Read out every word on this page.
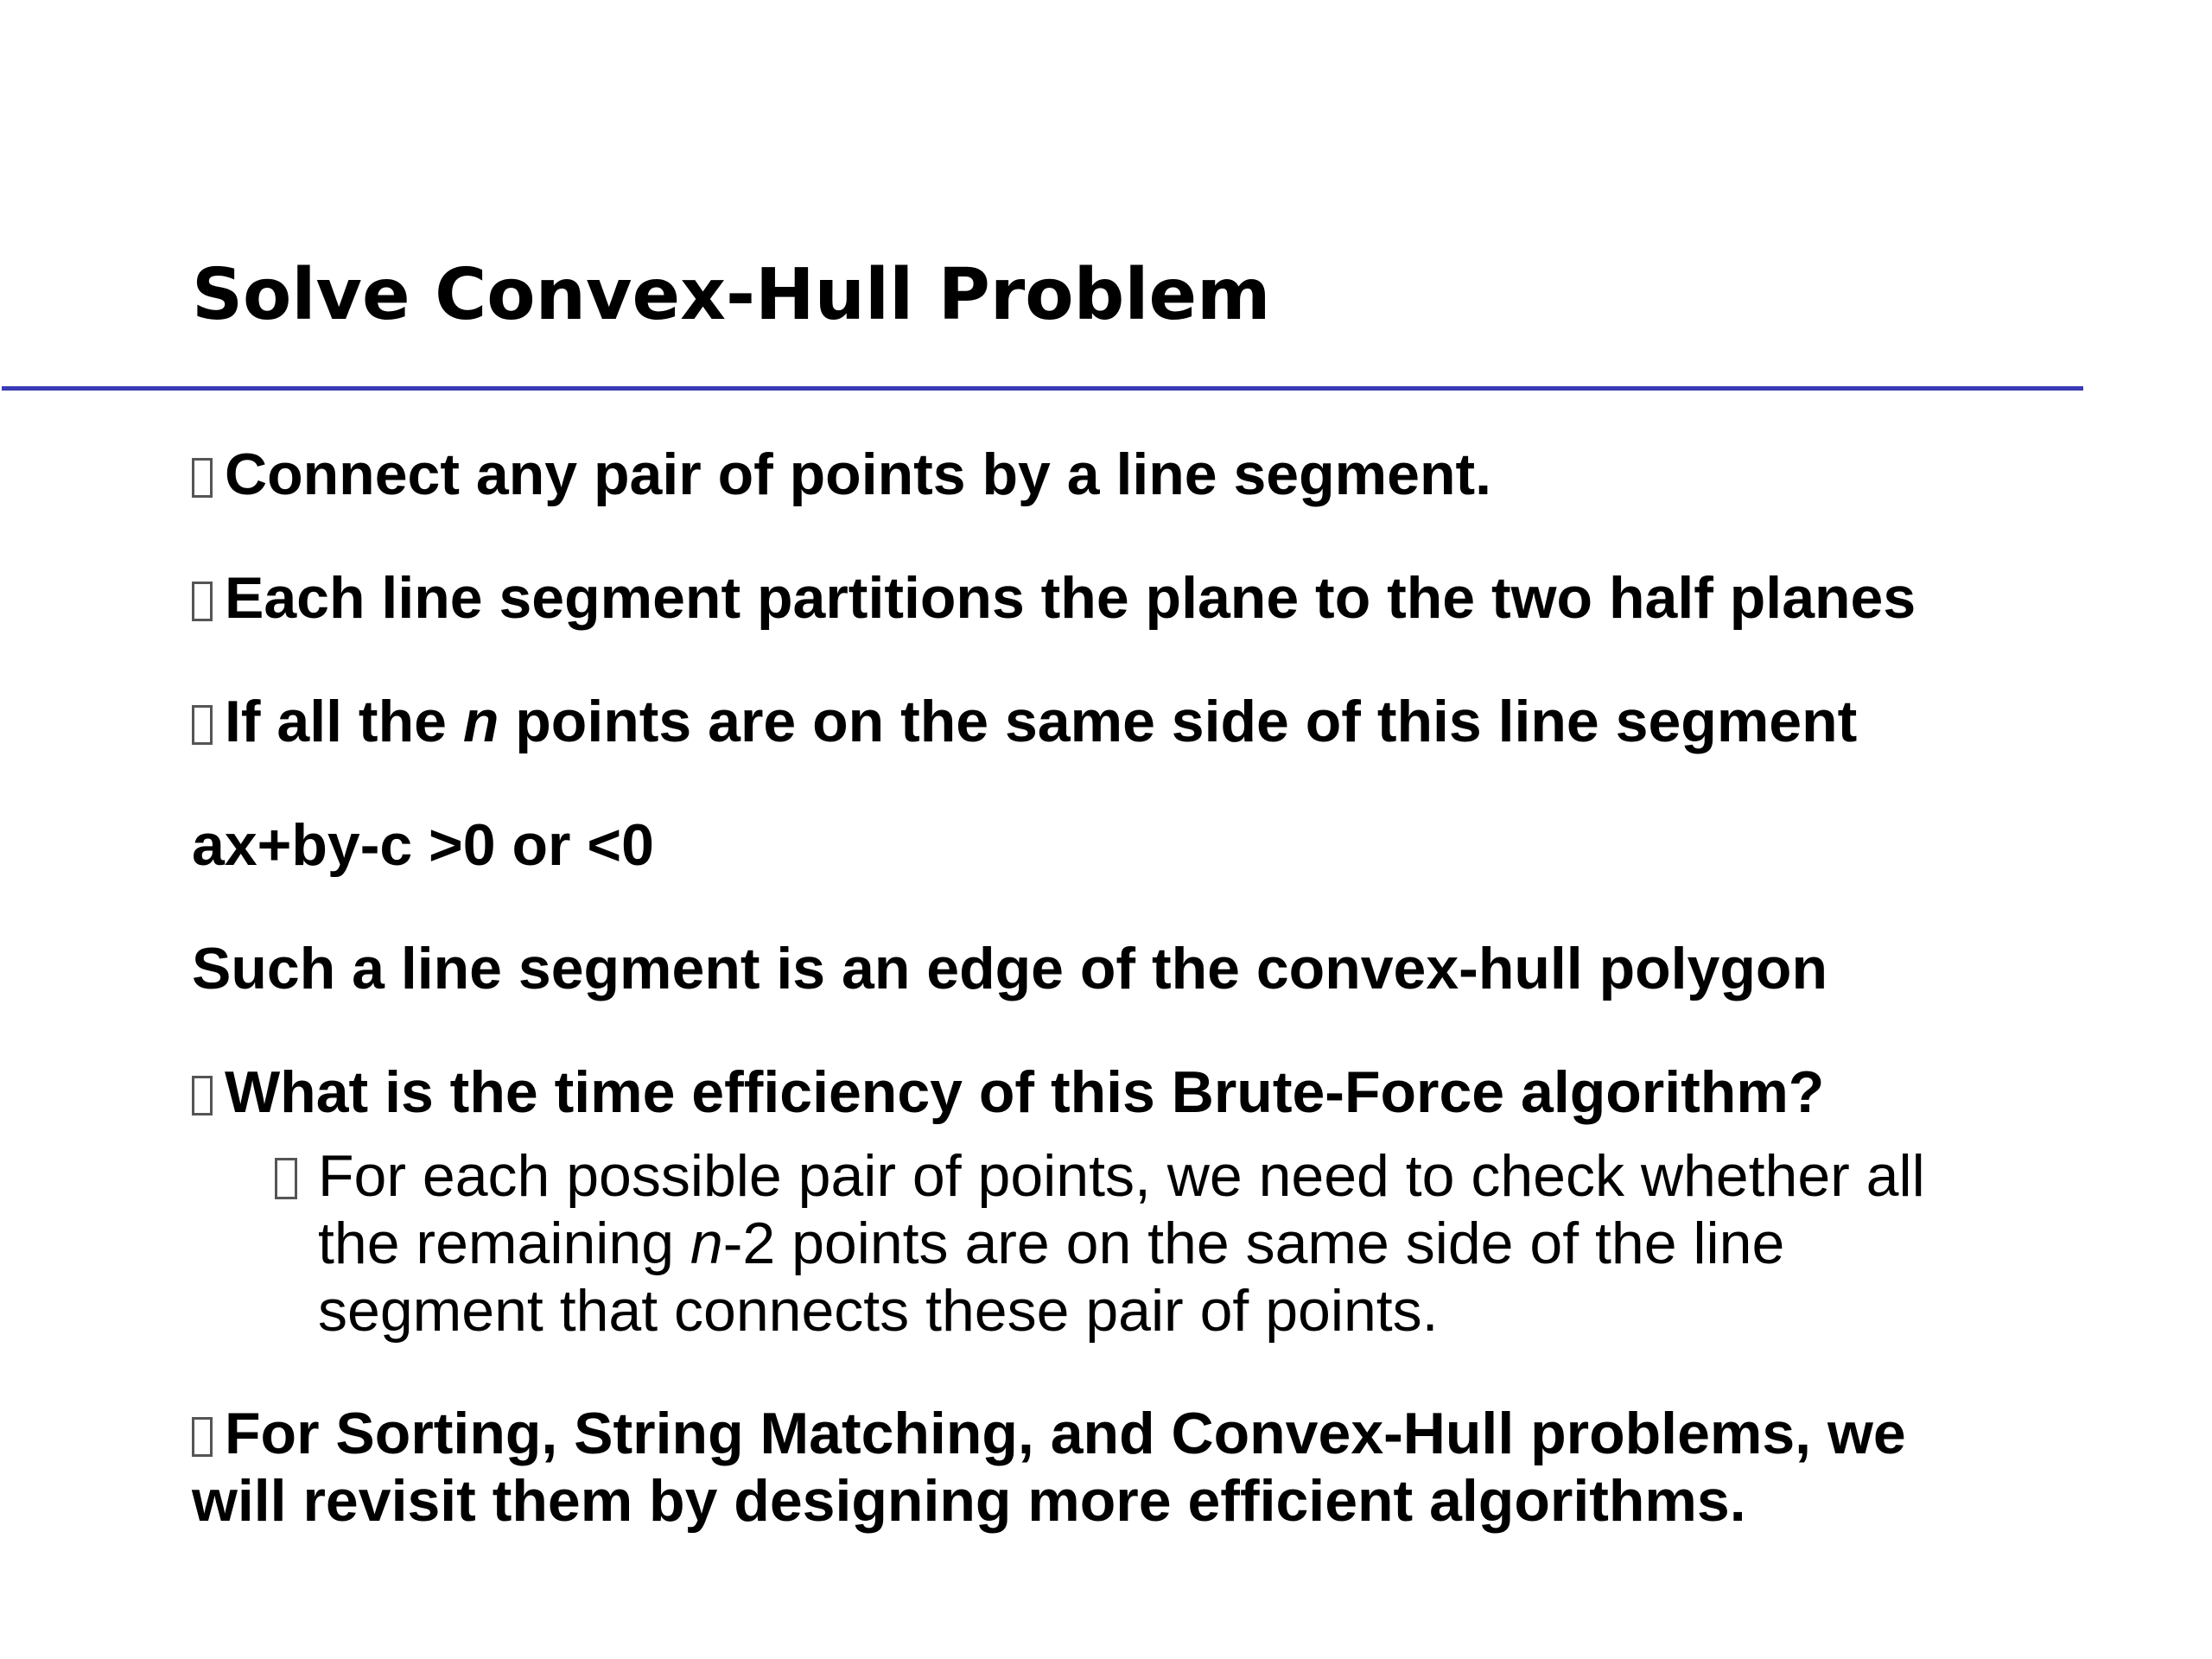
Solve Convex-Hull Problem

Connect any pair of points by a line segment.

Each line segment partitions the plane to the two half planes

If all the n points are on the same side of this line segment

ax+by-c >0 or <0

Such a line segment is an edge of the convex-hull polygon

What is the time efficiency of this Brute-Force algorithm?

For each possible pair of points, we need to check whether all
the remaining n-2 points are on the same side of the line
segment that connects these pair of points.
For Sorting, String Matching, and Convex-Hull problems, we
will revisit them by designing more efficient algorithms.
